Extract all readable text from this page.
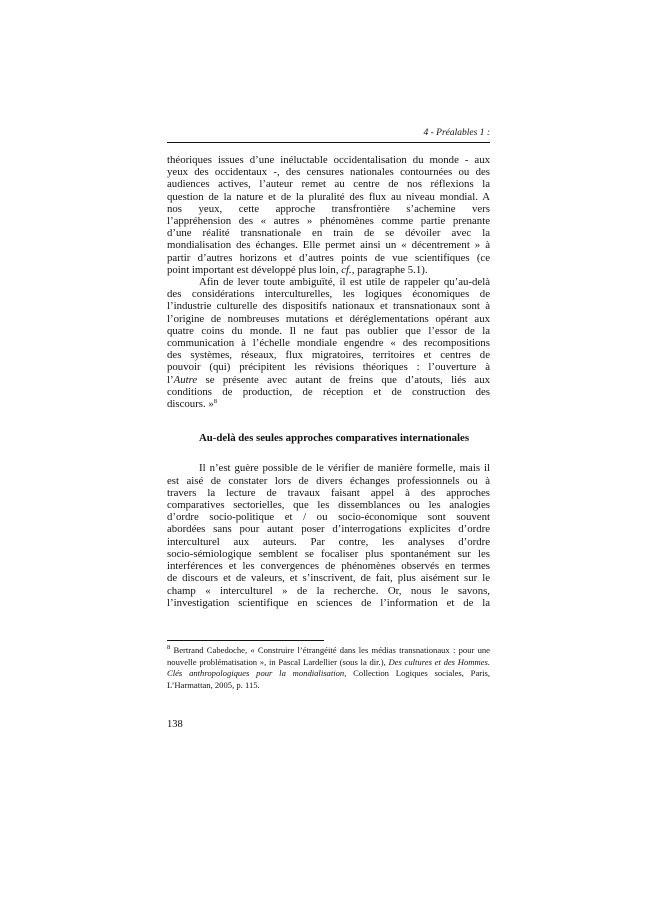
4 - Préalables 1 :
théoriques issues d’une inéluctable occidentalisation du monde - aux
yeux des occidentaux -, des censures nationales contournées ou des
audiences actives, l’auteur remet au centre de nos réflexions la
question de la nature et de la pluralité des flux au niveau mondial. A
nos yeux, cette approche transfrontière s’achemine vers
l’appréhension des « autres » phénomènes comme partie prenante
d’une réalité transnationale en train de se dévoiler avec la
mondialisation des échanges. Elle permet ainsi un « décentrement » à
partir d’autres horizons et d’autres points de vue scientifiques (ce
point important est développé plus loin, cf., paragraphe 5.1).
Afin de lever toute ambiguïté, il est utile de rappeler qu’au-delà
des considérations interculturelles, les logiques économiques de
l’industrie culturelle des dispositifs nationaux et transnationaux sont à
l’origine de nombreuses mutations et déréglementations opérant aux
quatre coins du monde. Il ne faut pas oublier que l’essor de la
communication à l’échelle mondiale engendre « des recompositions
des systèmes, réseaux, flux migratoires, territoires et centres de
pouvoir (qui) précipitent les révisions théoriques : l’ouverture à
l’Autre se présente avec autant de freins que d’atouts, liés aux
conditions de production, de réception et de construction des
discours. »$^8$
Au-delà des seules approches comparatives internationales
Il n’est guère possible de le vérifier de manière formelle, mais il
est aisé de constater lors de divers échanges professionnels ou à
travers la lecture de travaux faisant appel à des approches
comparatives sectorielles, que les dissemblances ou les analogies
d’ordre socio-politique et / ou socio-économique sont souvent
abordées sans pour autant poser d’interrogations explicites d’ordre
interculturel aux auteurs. Par contre, les analyses d’ordre
socio-sémiologique semblent se focaliser plus spontanément sur les
interférences et les convergences de phénomènes observés en termes
de discours et de valeurs, et s’inscrivent, de fait, plus aisément sur le
champ « interculturel » de la recherche. Or, nous le savons,
l’investigation scientifique en sciences de l’information et de la
$^8$ Bertrand Cabedoche, « Construire l’étrangéité dans les médias transnationaux : pour une
nouvelle problématisation », in Pascal Lardellier (sous la dir.), Des cultures et des Hommes.
Clés anthropologiques pour la mondialisation, Collection Logiques sociales, Paris,
L’Harmattan, 2005, p. 115.
138
